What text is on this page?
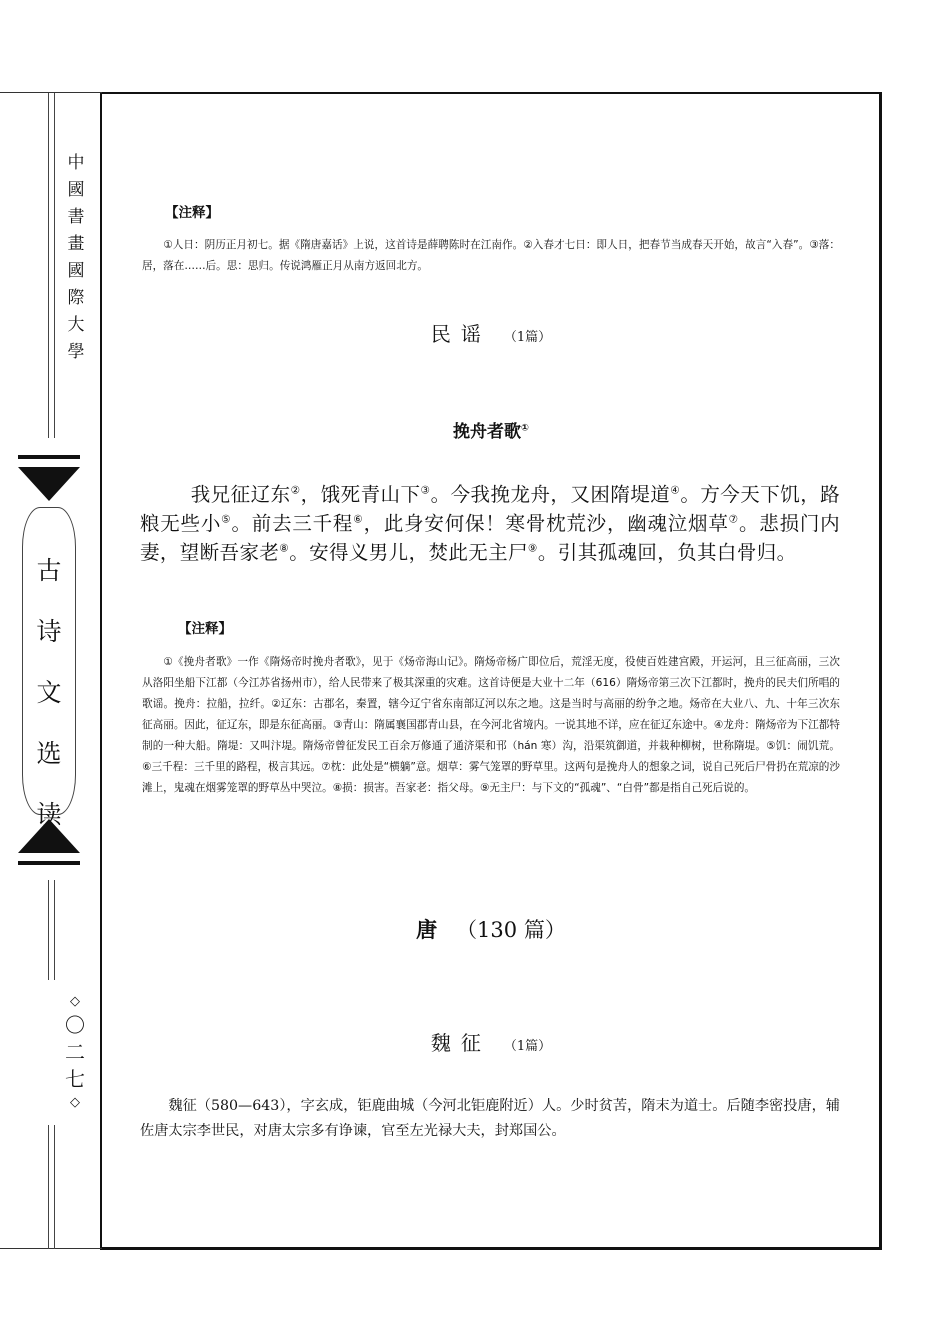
中
國
書
畫
國
際
大
學
古
诗
文
选
读
◇
〇
二
七
◇
【注释】
①人日：阴历正月初七。据《隋唐嘉话》上说，这首诗是薛聘陈时在江南作。②入春才七日：即人日，把春节当成春天开始，故言“入春”。③落：居，落在……后。思：思归。传说鸿雁正月从南方返回北方。
民谣 （1篇）
挽舟者歌①
我兄征辽东②，饿死青山下③。今我挽龙舟，又困隋堤道④。方今天下饥，路粮无些小⑤。前去三千程⑥，此身安何保！寒骨枕荒沙，幽魂泣烟草⑦。悲损门内妻，望断吾家老⑧。安得义男儿，焚此无主尸⑨。引其孤魂回，负其白骨归。
【注释】
①《挽舟者歌》一作《隋炀帝时挽舟者歌》，见于《炀帝海山记》。隋炀帝杨广即位后，荒淫无度，役使百姓建宫殿，开运河，且三征高丽，三次从洛阳坐船下江都（今江苏省扬州市），给人民带来了极其深重的灾难。这首诗便是大业十二年（616）隋炀帝第三次下江都时，挽舟的民夫们所唱的歌谣。挽舟：拉船，拉纤。②辽东：古郡名，秦置，辖今辽宁省东南部辽河以东之地。这是当时与高丽的纷争之地。炀帝在大业八、九、十年三次东征高丽。因此，征辽东，即是东征高丽。③青山：隋属襄国郡青山县，在今河北省境内。一说其地不详，应在征辽东途中。④龙舟：隋炀帝为下江都特制的一种大船。隋堤：又叫汴堤。隋炀帝曾征发民工百余万修通了通济渠和邗（hán 寒）沟，沿渠筑御道，并栽种柳树，世称隋堤。⑤饥：闹饥荒。⑥三千程：三千里的路程，极言其远。⑦枕：此处是“横躺”意。烟草：雾气笼罩的野草里。这两句是挽舟人的想象之词，说自己死后尸骨扔在荒凉的沙滩上，鬼魂在烟雾笼罩的野草丛中哭泣。⑧损：损害。吾家老：指父母。⑨无主尸：与下文的“孤魂”、“白骨”都是指自己死后说的。
唐 （130 篇）
魏征 （1篇）
魏征（580—643），字玄成，钜鹿曲城（今河北钜鹿附近）人。少时贫苦，隋末为道士。后随李密投唐，辅佐唐太宗李世民，对唐太宗多有诤谏，官至左光禄大夫，封郑国公。
